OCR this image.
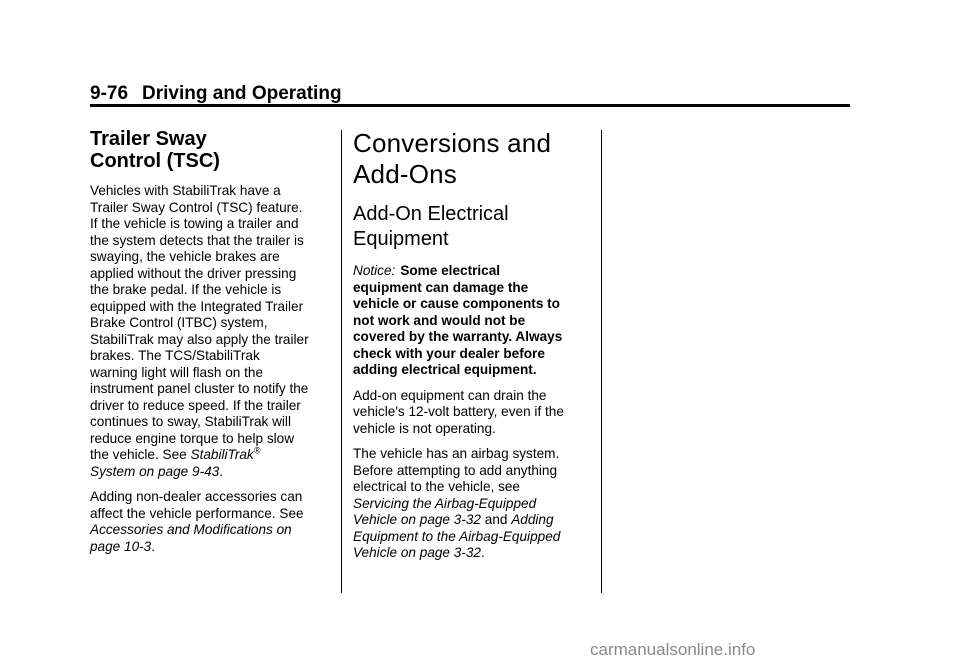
9-76 Driving and Operating
Trailer Sway
Control (TSC)

Vehicles with StabiliTrak have a
Trailer Sway Control (TSC) feature.
If the vehicle is towing a trailer and
the system detects that the trailer is
swaying, the vehicle brakes are
applied without the driver pressing
the brake pedal. If the vehicle is
equipped with the Integrated Trailer
Brake Control (ITBC) system,
StabiliTrak may also apply the trailer
brakes. The TCS/StabiliTrak
warning light will flash on the
instrument panel cluster to notify the
driver to reduce speed. If the trailer
continues to sway, StabiliTrak will
reduce engine torque to help slow
the vehicle. See StabiliTrak®
System on page 9-43.

Adding non-dealer accessories can
affect the vehicle performance. See
Accessories and Modifications on
page 10-3.

Conversions and
Add-Ons
Add-On Electrical
Equipment

Notice: Some electrical
equipment can damage the
vehicle or cause components to
not work and would not be
covered by the warranty. Always
check with your dealer before
adding electrical equipment.

Add-on equipment can drain the
vehicle's 12-volt battery, even if the
vehicle is not operating.

The vehicle has an airbag system.
Before attempting to add anything
electrical to the vehicle, see
Servicing the Airbag-Equipped
Vehicle on page 3-32 and Adding
Equipment to the Airbag-Equipped
Vehicle on page 3-32.

carmanualsonline.info
